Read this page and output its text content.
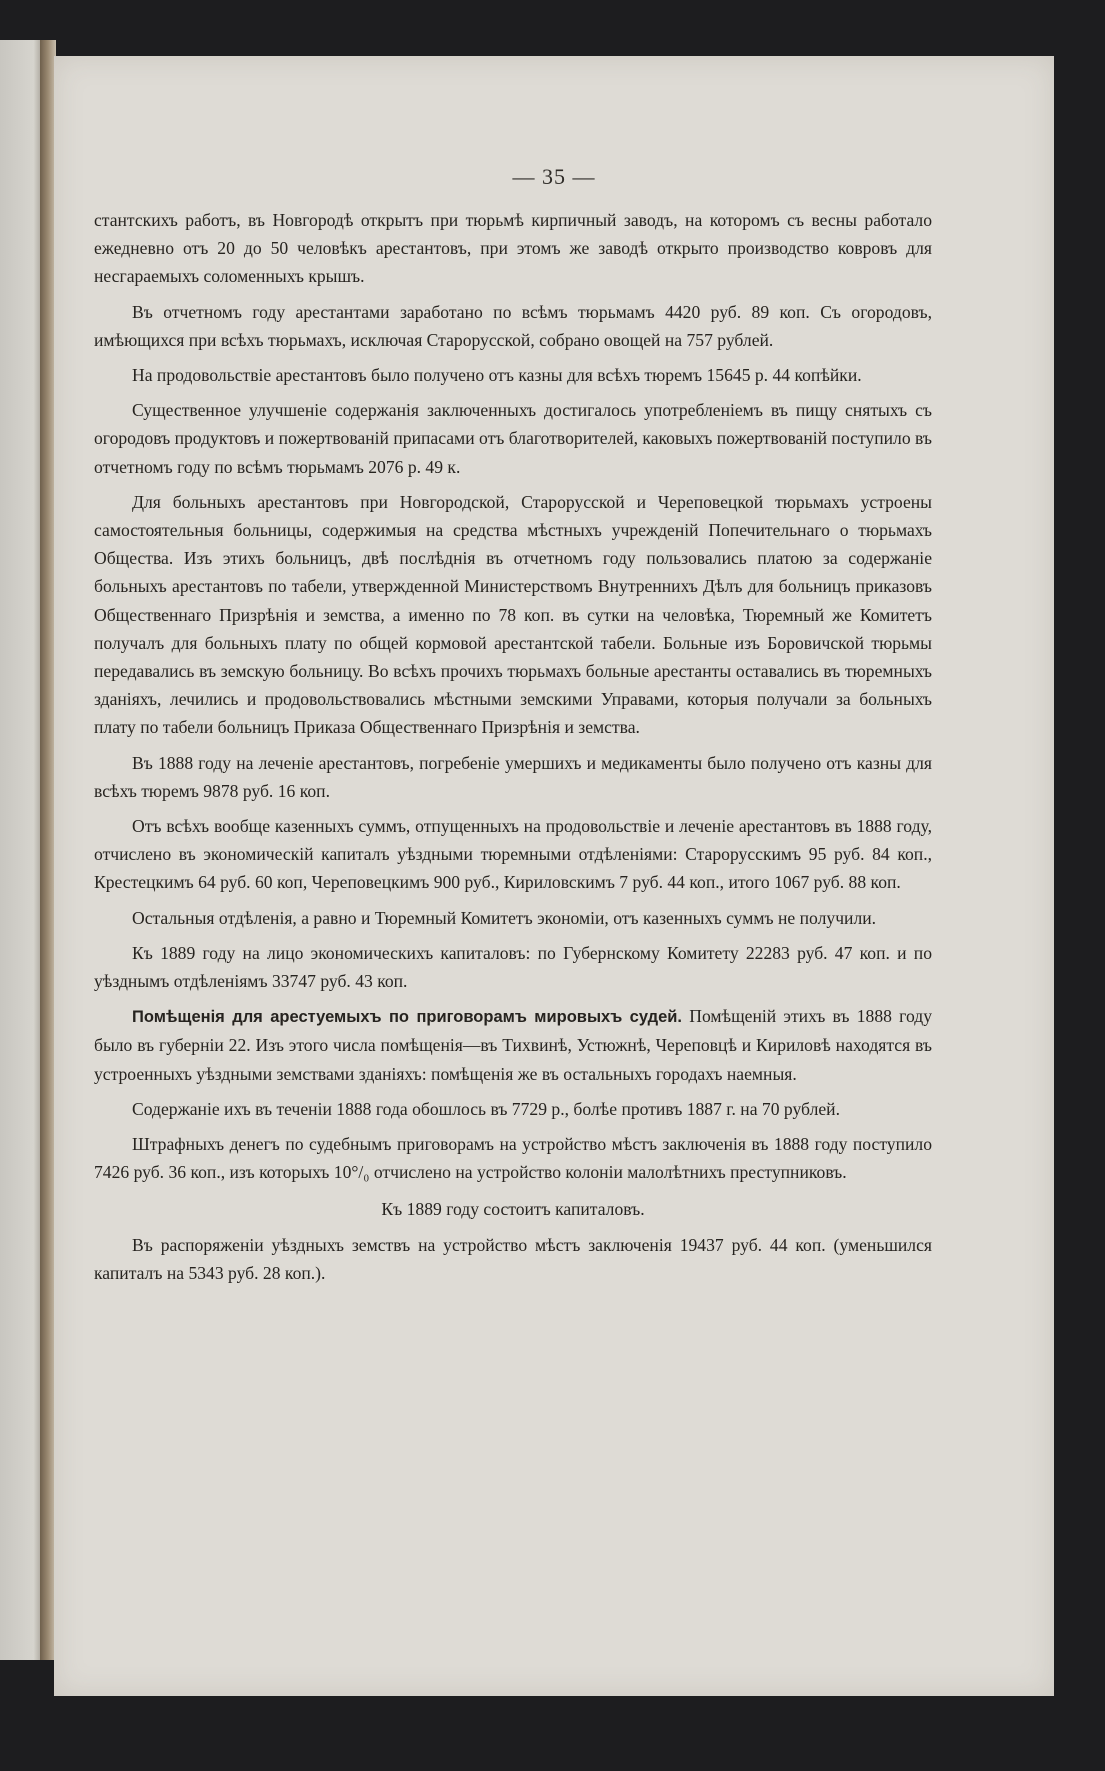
— 35 —

стантскихъ работъ, въ Новгородѣ открытъ при тюрьмѣ кирпичный заводъ, на которомъ съ весны работало ежедневно отъ 20 до 50 человѣкъ арестантовъ, при этомъ же заводѣ открыто производство ковровъ для несгараемыхъ соломенныхъ крышъ.

Въ отчетномъ году арестантами заработано по всѣмъ тюрьмамъ 4420 руб. 89 коп. Съ огородовъ, имѣющихся при всѣхъ тюрьмахъ, исключая Старорусской, собрано овощей на 757 рублей.

На продовольствіе арестантовъ было получено отъ казны для всѣхъ тюремъ 15645 р. 44 копѣйки.

Существенное улучшеніе содержанія заключенныхъ достигалось употребленіемъ въ пищу снятыхъ съ огородовъ продуктовъ и пожертвованій припасами отъ благотворителей, каковыхъ пожертвованій поступило въ отчетномъ году по всѣмъ тюрьмамъ 2076 р. 49 к.

Для больныхъ арестантовъ при Новгородской, Старорусской и Череповецкой тюрьмахъ устроены самостоятельныя больницы, содержимыя на средства мѣстныхъ учрежденій Попечительнаго о тюрьмахъ Общества. Изъ этихъ больницъ, двѣ послѣднія въ отчетномъ году пользовались платою за содержаніе больныхъ арестантовъ по табели, утвержденной Министерствомъ Внутреннихъ Дѣлъ для больницъ приказовъ Общественнаго Призрѣнія и земства, а именно по 78 коп. въ сутки на человѣка, Тюремный же Комитетъ получалъ для больныхъ плату по общей кормовой арестантской табели. Больные изъ Боровичской тюрьмы передавались въ земскую больницу. Во всѣхъ прочихъ тюрьмахъ больные арестанты оставались въ тюремныхъ зданіяхъ, лечились и продовольствовались мѣстными земскими Управами, которыя получали за больныхъ плату по табели больницъ Приказа Общественнаго Призрѣнія и земства.

Въ 1888 году на леченіе арестантовъ, погребеніе умершихъ и медикаменты было получено отъ казны для всѣхъ тюремъ 9878 руб. 16 коп.

Отъ всѣхъ вообще казенныхъ суммъ, отпущенныхъ на продовольствіе и леченіе арестантовъ въ 1888 году, отчислено въ экономическій капиталъ уѣздными тюремными отдѣленіями: Старорусскимъ 95 руб. 84 коп., Крестецкимъ 64 руб. 60 коп, Череповецкимъ 900 руб., Кириловскимъ 7 руб. 44 коп., итого 1067 руб. 88 коп.

Остальныя отдѣленія, а равно и Тюремный Комитетъ экономіи, отъ казенныхъ суммъ не получили.

Къ 1889 году на лицо экономическихъ капиталовъ: по Губернскому Комитету 22283 руб. 47 коп. и по уѣзднымъ отдѣленіямъ 33747 руб. 43 коп.

Помѣщенія для арестуемыхъ по приговорамъ мировыхъ судей. Помѣщеній этихъ въ 1888 году было въ губерніи 22. Изъ этого числа помѣщенія—въ Тихвинѣ, Устюжнѣ, Череповцѣ и Кириловѣ находятся въ устроенныхъ уѣздными земствами зданіяхъ: помѣщенія же въ остальныхъ городахъ наемныя.

Содержаніе ихъ въ теченіи 1888 года обошлось въ 7729 р., болѣе противъ 1887 г. на 70 рублей.

Штрафныхъ денегъ по судебнымъ приговорамъ на устройство мѣстъ заключенія въ 1888 году поступило 7426 руб. 36 коп., изъ которыхъ 10°/₀ отчислено на устройство колоніи малолѣтнихъ преступниковъ.

Къ 1889 году состоитъ капиталовъ.

Въ распоряженіи уѣздныхъ земствъ на устройство мѣстъ заключенія 19437 руб. 44 коп. (уменьшился капиталъ на 5343 руб. 28 коп.).
